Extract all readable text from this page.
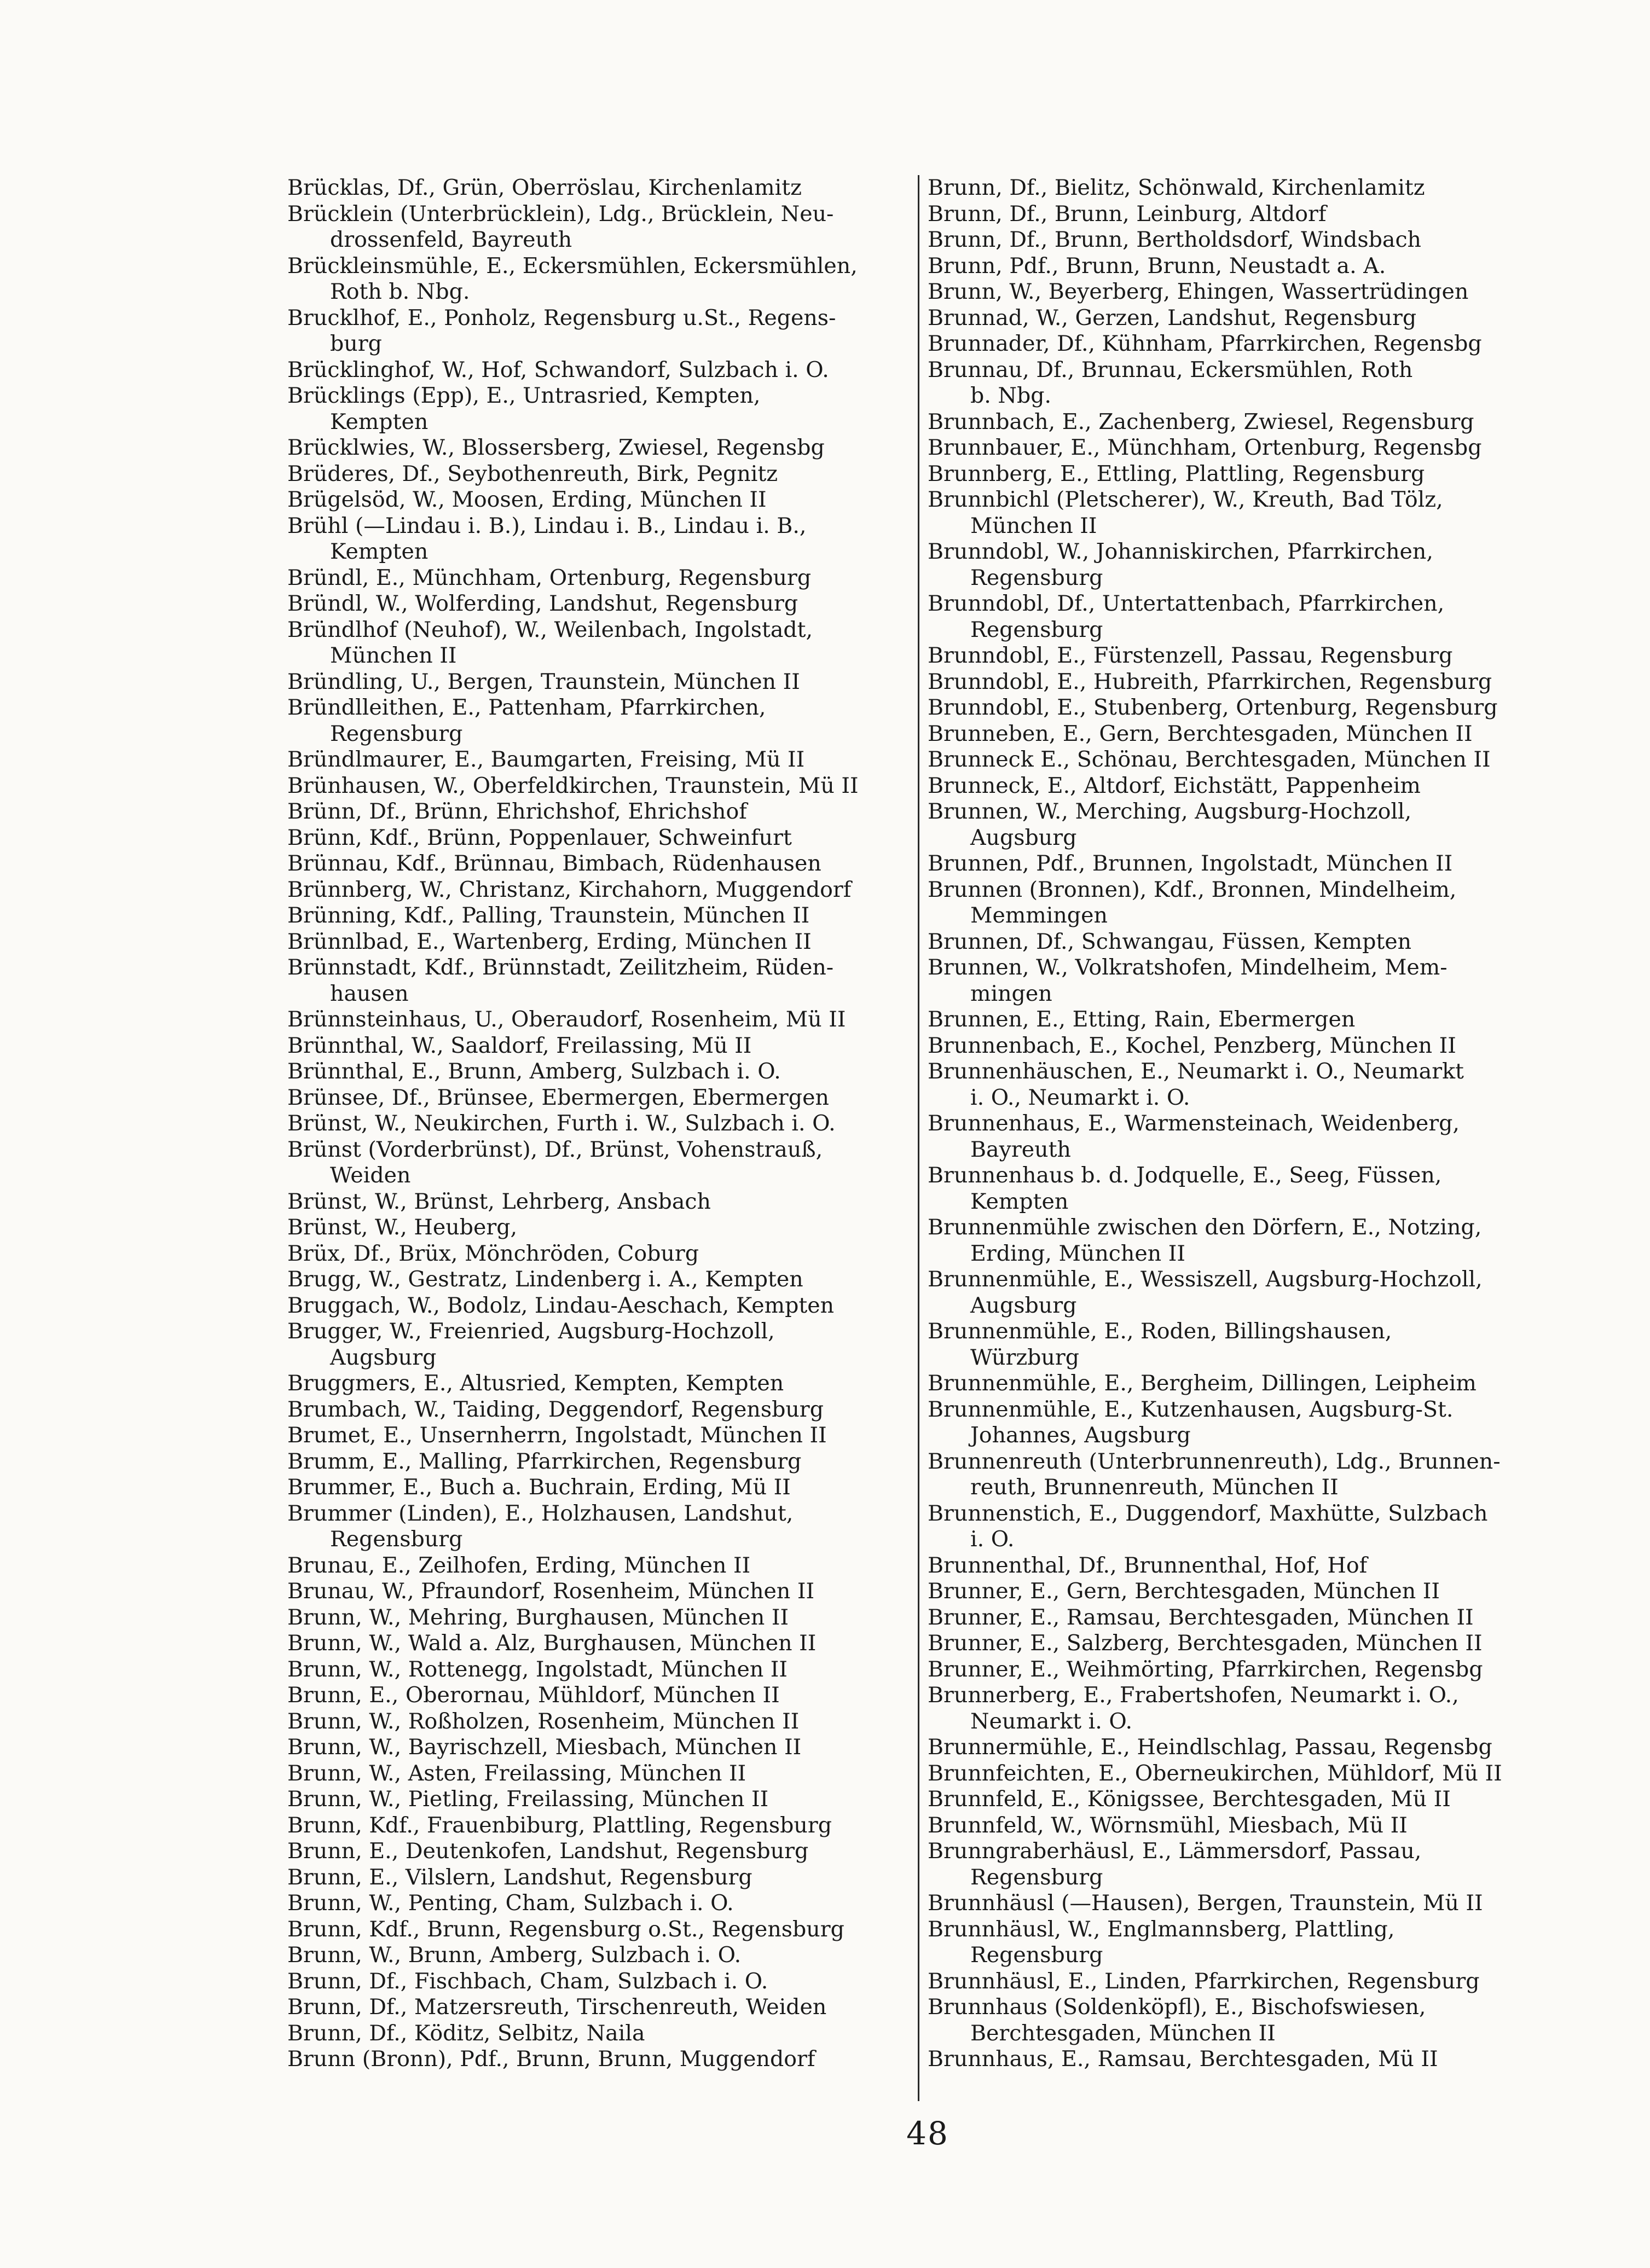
Brücklas, Df., Grün, Oberröslau, Kirchenlamitz
Brücklein (Unterbrücklein), Ldg., Brücklein, Neu-
drossenfeld, Bayreuth
Brückleinsmühle, E., Eckersmühlen, Eckersmühlen,
Roth b. Nbg.
Brucklhof, E., Ponholz, Regensburg u.St., Regens-
burg
Brücklinghof, W., Hof, Schwandorf, Sulzbach i. O.
Brücklings (Epp), E., Untrasried, Kempten,
Kempten
Brücklwies, W., Blossersberg, Zwiesel, Regensbg
Brüderes, Df., Seybothenreuth, Birk, Pegnitz
Brügelsöd, W., Moosen, Erding, München II
Brühl (—Lindau i. B.), Lindau i. B., Lindau i. B.,
Kempten
Bründl, E., Münchham, Ortenburg, Regensburg
Bründl, W., Wolferding, Landshut, Regensburg
Bründlhof (Neuhof), W., Weilenbach, Ingolstadt,
München II
Bründling, U., Bergen, Traunstein, München II
Bründlleithen, E., Pattenham, Pfarrkirchen,
Regensburg
Bründlmaurer, E., Baumgarten, Freising, Mü II
Brünhausen, W., Oberfeldkirchen, Traunstein, Mü II
Brünn, Df., Brünn, Ehrichshof, Ehrichshof
Brünn, Kdf., Brünn, Poppenlauer, Schweinfurt
Brünnau, Kdf., Brünnau, Bimbach, Rüdenhausen
Brünnberg, W., Christanz, Kirchahorn, Muggendorf
Brünning, Kdf., Palling, Traunstein, München II
Brünnlbad, E., Wartenberg, Erding, München II
Brünnstadt, Kdf., Brünnstadt, Zeilitzheim, Rüden-
hausen
Brünnsteinhaus, U., Oberaudorf, Rosenheim, Mü II
Brünnthal, W., Saaldorf, Freilassing, Mü II
Brünnthal, E., Brunn, Amberg, Sulzbach i. O.
Brünsee, Df., Brünsee, Ebermergen, Ebermergen
Brünst, W., Neukirchen, Furth i. W., Sulzbach i. O.
Brünst (Vorderbrünst), Df., Brünst, Vohenstrauß,
Weiden
Brünst, W., Brünst, Lehrberg, Ansbach
Brünst, W., Heuberg,
Brüx, Df., Brüx, Mönchröden, Coburg
Brugg, W., Gestratz, Lindenberg i. A., Kempten
Bruggach, W., Bodolz, Lindau-Aeschach, Kempten
Brugger, W., Freienried, Augsburg-Hochzoll,
Augsburg
Bruggmers, E., Altusried, Kempten, Kempten
Brumbach, W., Taiding, Deggendorf, Regensburg
Brumet, E., Unsernherrn, Ingolstadt, München II
Brumm, E., Malling, Pfarrkirchen, Regensburg
Brummer, E., Buch a. Buchrain, Erding, Mü II
Brummer (Linden), E., Holzhausen, Landshut,
Regensburg
Brunau, E., Zeilhofen, Erding, München II
Brunau, W., Pfraundorf, Rosenheim, München II
Brunn, W., Mehring, Burghausen, München II
Brunn, W., Wald a. Alz, Burghausen, München II
Brunn, W., Rottenegg, Ingolstadt, München II
Brunn, E., Oberornau, Mühldorf, München II
Brunn, W., Roßholzen, Rosenheim, München II
Brunn, W., Bayrischzell, Miesbach, München II
Brunn, W., Asten, Freilassing, München II
Brunn, W., Pietling, Freilassing, München II
Brunn, Kdf., Frauenbiburg, Plattling, Regensburg
Brunn, E., Deutenkofen, Landshut, Regensburg
Brunn, E., Vilslern, Landshut, Regensburg
Brunn, W., Penting, Cham, Sulzbach i. O.
Brunn, Kdf., Brunn, Regensburg o.St., Regensburg
Brunn, W., Brunn, Amberg, Sulzbach i. O.
Brunn, Df., Fischbach, Cham, Sulzbach i. O.
Brunn, Df., Matzersreuth, Tirschenreuth, Weiden
Brunn, Df., Köditz, Selbitz, Naila
Brunn (Bronn), Pdf., Brunn, Brunn, Muggendorf
Brunn, Df., Bielitz, Schönwald, Kirchenlamitz
Brunn, Df., Brunn, Leinburg, Altdorf
Brunn, Df., Brunn, Bertholdsdorf, Windsbach
Brunn, Pdf., Brunn, Brunn, Neustadt a. A.
Brunn, W., Beyerberg, Ehingen, Wassertrüdingen
Brunnad, W., Gerzen, Landshut, Regensburg
Brunnader, Df., Kühnham, Pfarrkirchen, Regensbg
Brunnau, Df., Brunnau, Eckersmühlen, Roth
b. Nbg.
Brunnbach, E., Zachenberg, Zwiesel, Regensburg
Brunnbauer, E., Münchham, Ortenburg, Regensbg
Brunnberg, E., Ettling, Plattling, Regensburg
Brunnbichl (Pletscherer), W., Kreuth, Bad Tölz,
München II
Brunndobl, W., Johanniskirchen, Pfarrkirchen,
Regensburg
Brunndobl, Df., Untertattenbach, Pfarrkirchen,
Regensburg
Brunndobl, E., Fürstenzell, Passau, Regensburg
Brunndobl, E., Hubreith, Pfarrkirchen, Regensburg
Brunndobl, E., Stubenberg, Ortenburg, Regensburg
Brunneben, E., Gern, Berchtesgaden, München II
Brunneck E., Schönau, Berchtesgaden, München II
Brunneck, E., Altdorf, Eichstätt, Pappenheim
Brunnen, W., Merching, Augsburg-Hochzoll,
Augsburg
Brunnen, Pdf., Brunnen, Ingolstadt, München II
Brunnen (Bronnen), Kdf., Bronnen, Mindelheim,
Memmingen
Brunnen, Df., Schwangau, Füssen, Kempten
Brunnen, W., Volkratshofen, Mindelheim, Mem-
mingen
Brunnen, E., Etting, Rain, Ebermergen
Brunnenbach, E., Kochel, Penzberg, München II
Brunnenhäuschen, E., Neumarkt i. O., Neumarkt
i. O., Neumarkt i. O.
Brunnenhaus, E., Warmensteinach, Weidenberg,
Bayreuth
Brunnenhaus b. d. Jodquelle, E., Seeg, Füssen,
Kempten
Brunnenmühle zwischen den Dörfern, E., Notzing,
Erding, München II
Brunnenmühle, E., Wessiszell, Augsburg-Hochzoll,
Augsburg
Brunnenmühle, E., Roden, Billingshausen,
Würzburg
Brunnenmühle, E., Bergheim, Dillingen, Leipheim
Brunnenmühle, E., Kutzenhausen, Augsburg-St.
Johannes, Augsburg
Brunnenreuth (Unterbrunnenreuth), Ldg., Brunnen-
reuth, Brunnenreuth, München II
Brunnenstich, E., Duggendorf, Maxhütte, Sulzbach
i. O.
Brunnenthal, Df., Brunnenthal, Hof, Hof
Brunner, E., Gern, Berchtesgaden, München II
Brunner, E., Ramsau, Berchtesgaden, München II
Brunner, E., Salzberg, Berchtesgaden, München II
Brunner, E., Weihmörting, Pfarrkirchen, Regensbg
Brunnerberg, E., Frabertshofen, Neumarkt i. O.,
Neumarkt i. O.
Brunnermühle, E., Heindlschlag, Passau, Regensbg
Brunnfeichten, E., Oberneukirchen, Mühldorf, Mü II
Brunnfeld, E., Königssee, Berchtesgaden, Mü II
Brunnfeld, W., Wörnsmühl, Miesbach, Mü II
Brunngraberhäusl, E., Lämmersdorf, Passau,
Regensburg
Brunnhäusl (—Hausen), Bergen, Traunstein, Mü II
Brunnhäusl, W., Englmannsberg, Plattling,
Regensburg
Brunnhäusl, E., Linden, Pfarrkirchen, Regensburg
Brunnhaus (Soldenköpfl), E., Bischofswiesen,
Berchtesgaden, München II
Brunnhaus, E., Ramsau, Berchtesgaden, Mü II
48
